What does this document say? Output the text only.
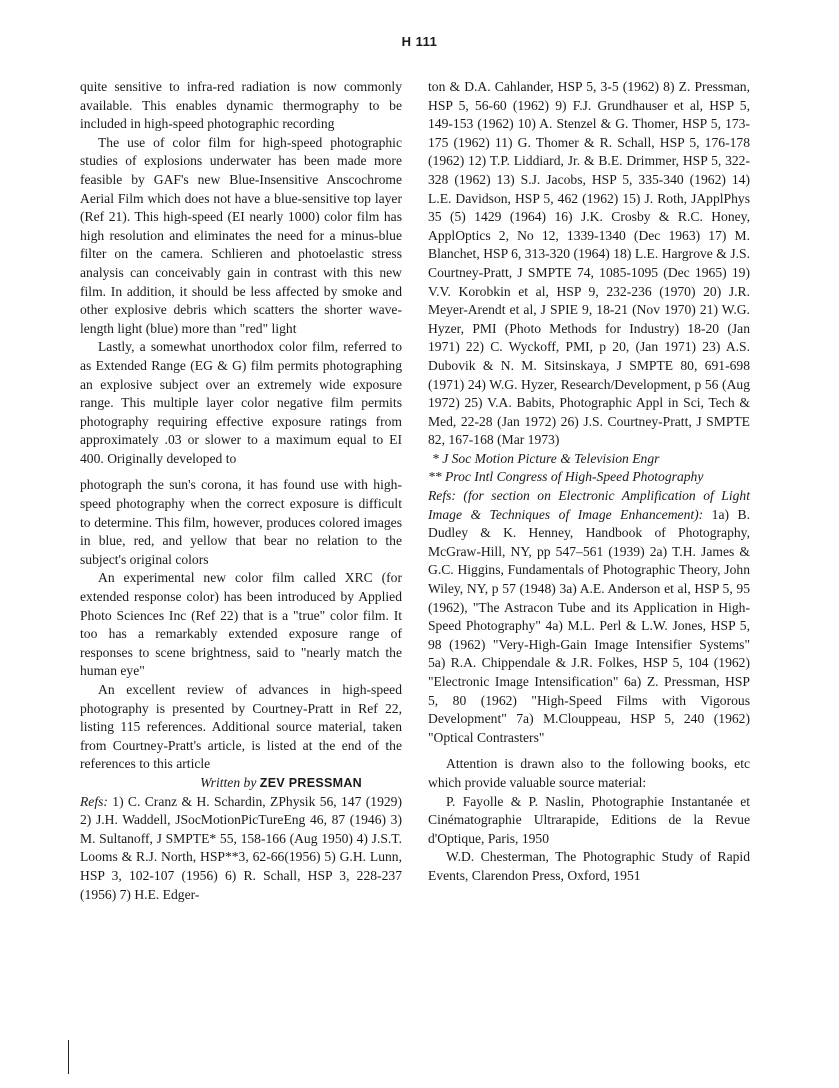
H 111

quite sensitive to infra-red radiation is now commonly available. This enables dynamic thermography to be included in high-speed photographic recording

The use of color film for high-speed photographic studies of explosions underwater has been made more feasible by GAF's new Blue-Insensitive Anscochrome Aerial Film which does not have a blue-sensitive top layer (Ref 21). This high-speed (EI nearly 1000) color film has high resolution and eliminates the need for a minus-blue filter on the camera. Schlieren and photoelastic stress analysis can conceivably gain in contrast with this new film. In addition, it should be less affected by smoke and other explosive debris which scatters the shorter wave-length light (blue) more than "red" light

Lastly, a somewhat unorthodox color film, referred to as Extended Range (EG & G) film permits photographing an explosive subject over an extremely wide exposure range. This multiple layer color negative film permits photography requiring effective exposure ratings from approximately .03 or slower to a maximum equal to EI 400. Originally developed to

photograph the sun's corona, it has found use with high-speed photography when the correct exposure is difficult to determine. This film, however, produces colored images in blue, red, and yellow that bear no relation to the subject's original colors

An experimental new color film called XRC (for extended response color) has been introduced by Applied Photo Sciences Inc (Ref 22) that is a "true" color film. It too has a remarkably extended exposure range of responses to scene brightness, said to "nearly match the human eye"

An excellent review of advances in high-speed photography is presented by Courtney-Pratt in Ref 22, listing 115 references. Additional source material, taken from Courtney-Pratt's article, is listed at the end of the references to this article

Written by ZEV PRESSMAN

Refs: 1) C. Cranz & H. Schardin, ZPhysik 56, 147 (1929) 2) J.H. Waddell, JSocMotionPicTureEng 46, 87 (1946) 3) M. Sultanoff, J SMPTE* 55, 158-166 (Aug 1950) 4) J.S.T. Looms & R.J. North, HSP**3, 62-66(1956) 5) G.H. Lunn, HSP 3, 102-107 (1956) 6) R. Schall, HSP 3, 228-237 (1956) 7) H.E. Edger-

ton & D.A. Cahlander, HSP 5, 3-5 (1962) 8) Z. Pressman, HSP 5, 56-60 (1962) 9) F.J. Grundhauser et al, HSP 5, 149-153 (1962) 10) A. Stenzel & G. Thomer, HSP 5, 173-175 (1962) 11) G. Thomer & R. Schall, HSP 5, 176-178 (1962) 12) T.P. Liddiard, Jr. & B.E. Drimmer, HSP 5, 322-328 (1962) 13) S.J. Jacobs, HSP 5, 335-340 (1962) 14) L.E. Davidson, HSP 5, 462 (1962) 15) J. Roth, JApplPhys 35 (5) 1429 (1964) 16) J.K. Crosby & R.C. Honey, ApplOptics 2, No 12, 1339-1340 (Dec 1963) 17) M. Blanchet, HSP 6, 313-320 (1964) 18) L.E. Hargrove & J.S. Courtney-Pratt, J SMPTE 74, 1085-1095 (Dec 1965) 19) V.V. Korobkin et al, HSP 9, 232-236 (1970) 20) J.R. Meyer-Arendt et al, J SPIE 9, 18-21 (Nov 1970) 21) W.G. Hyzer, PMI (Photo Methods for Industry) 18-20 (Jan 1971) 22) C. Wyckoff, PMI, p 20, (Jan 1971) 23) A.S. Dubovik & N. M. Sitsinskaya, J SMPTE 80, 691-698 (1971) 24) W.G. Hyzer, Research/Development, p 56 (Aug 1972) 25) V.A. Babits, Photographic Appl in Sci, Tech & Med, 22-28 (Jan 1972) 26) J.S. Courtney-Pratt, J SMPTE 82, 167-168 (Mar 1973)

* J Soc Motion Picture & Television Engr

** Proc Intl Congress of High-Speed Photography

Refs: (for section on Electronic Amplification of Light Image & Techniques of Image Enhancement): 1a) B. Dudley & K. Henney, Handbook of Photography, McGraw-Hill, NY, pp 547–561 (1939) 2a) T.H. James & G.C. Higgins, Fundamentals of Photographic Theory, John Wiley, NY, p 57 (1948) 3a) A.E. Anderson et al, HSP 5, 95 (1962), "The Astracon Tube and its Application in High-Speed Photography" 4a) M.L. Perl & L.W. Jones, HSP 5, 98 (1962) "Very-High-Gain Image Intensifier Systems" 5a) R.A. Chippendale & J.R. Folkes, HSP 5, 104 (1962) "Electronic Image Intensification" 6a) Z. Pressman, HSP 5, 80 (1962) "High-Speed Films with Vigorous Development" 7a) M.Clouppeau, HSP 5, 240 (1962) "Optical Contrasters"

Attention is drawn also to the following books, etc which provide valuable source material:

P. Fayolle & P. Naslin, Photographie Instantanée et Cinématographie Ultrarapide, Editions de la Revue d'Optique, Paris, 1950

W.D. Chesterman, The Photographic Study of Rapid Events, Clarendon Press, Oxford, 1951
